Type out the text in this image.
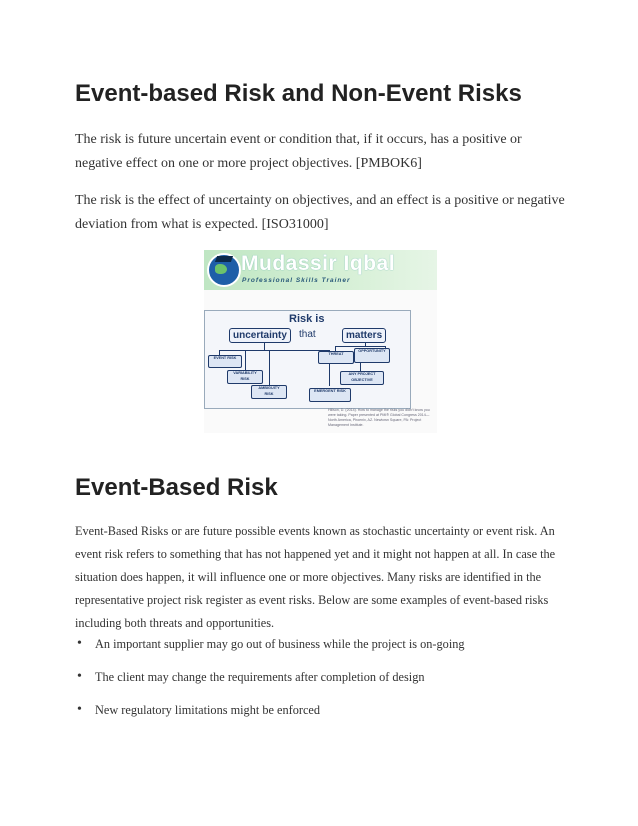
Event-based Risk and Non-Event Risks

The risk is future uncertain event or condition that, if it occurs, has a positive or negative effect on one or more project objectives. [PMBOK6]

The risk is the effect of uncertainty on objectives, and an effect is a positive or negative deviation from what is expected. [ISO31000]

Mudassir Iqbal
Professional Skills Trainer
Risk is
uncertainty	that	matters
EVENT RISK
VARIABILITY RISK
AMBIGUITY RISK
EMERGENT RISK
THREAT
OPPORTUNITY
ANY PROJECT OBJECTIVE
Hillson, D. (2014). How to manage the risks you didn't know you were taking. Paper presented at PMI® Global Congress 2014—North America, Phoenix, AZ. Newtown Square, PA: Project Management Institute.
Event-Based Risk

Event-Based Risks or are future possible events known as stochastic uncertainty or event risk. An event risk refers to something that has not happened yet and it might not happen at all. In case the situation does happen, it will influence one or more objectives. Many risks are identified in the representative project risk register as event risks. Below are some examples of event-based risks including both threats and opportunities.

• An important supplier may go out of business while the project is on-going
• The client may change the requirements after completion of design
• New regulatory limitations might be enforced
